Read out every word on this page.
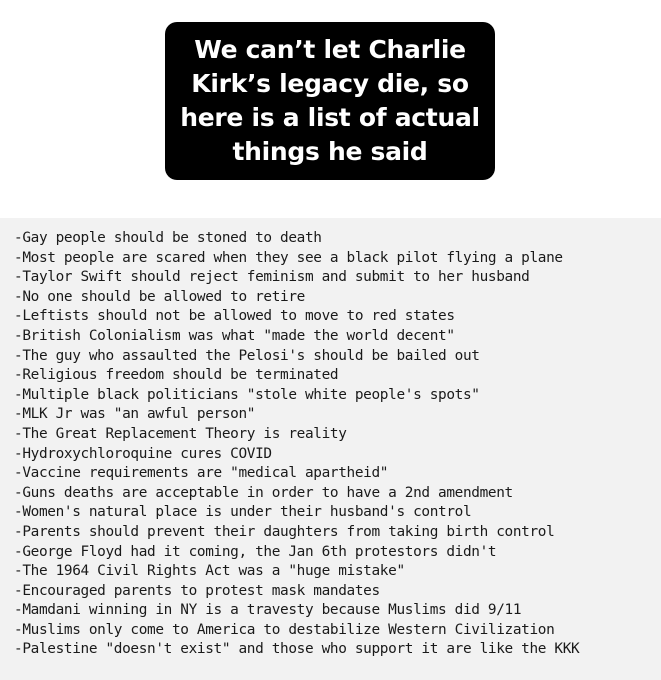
We can’t let Charlie
Kirk’s legacy die, so
here is a list of actual
things he said
-Gay people should be stoned to death
-Most people are scared when they see a black pilot flying a plane
-Taylor Swift should reject feminism and submit to her husband
-No one should be allowed to retire
-Leftists should not be allowed to move to red states
-British Colonialism was what "made the world decent"
-The guy who assaulted the Pelosi's should be bailed out
-Religious freedom should be terminated
-Multiple black politicians "stole white people's spots"
-MLK Jr was "an awful person"
-The Great Replacement Theory is reality
-Hydroxychloroquine cures COVID
-Vaccine requirements are "medical apartheid"
-Guns deaths are acceptable in order to have a 2nd amendment
-Women's natural place is under their husband's control
-Parents should prevent their daughters from taking birth control
-George Floyd had it coming, the Jan 6th protestors didn't
-The 1964 Civil Rights Act was a "huge mistake"
-Encouraged parents to protest mask mandates
-Mamdani winning in NY is a travesty because Muslims did 9/11
-Muslims only come to America to destabilize Western Civilization
-Palestine "doesn't exist" and those who support it are like the KKK
